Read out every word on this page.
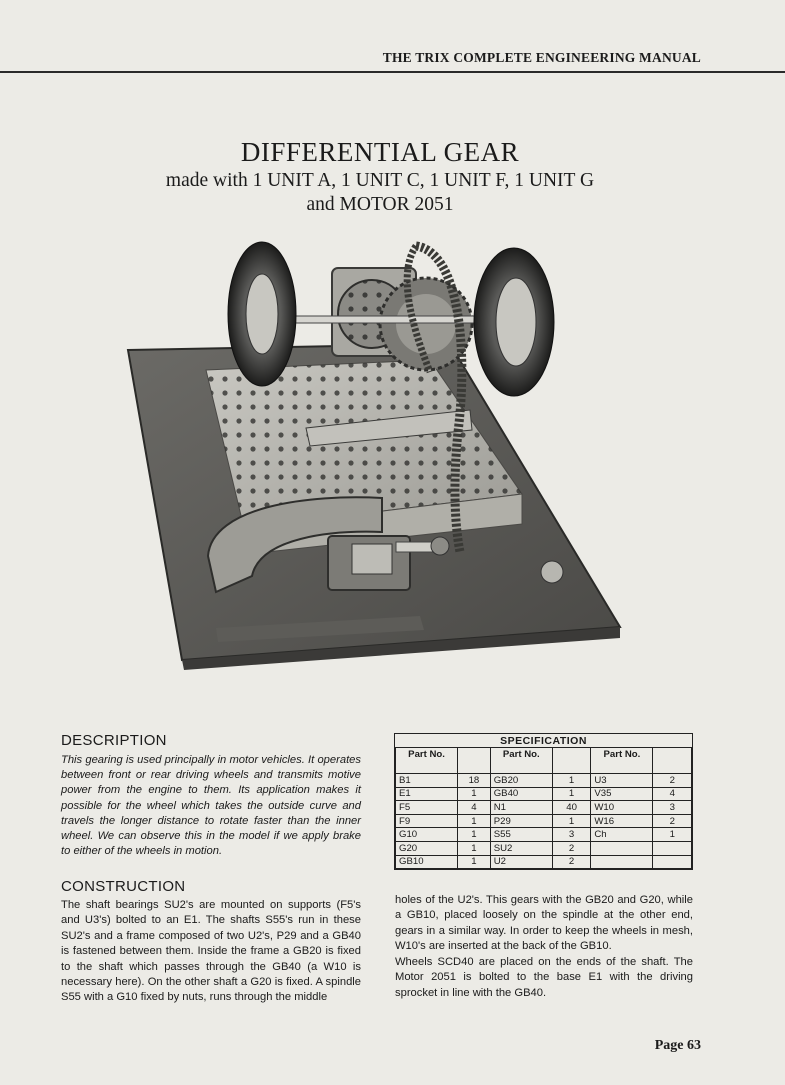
THE TRIX COMPLETE ENGINEERING MANUAL
DIFFERENTIAL GEAR
made with 1 UNIT A, 1 UNIT C, 1 UNIT F, 1 UNIT G
and MOTOR 2051
DESCRIPTION
This gearing is used principally in motor vehicles. It operates between front or rear driving wheels and transmits motive power from the engine to them. Its application makes it possible for the wheel which takes the outside curve and travels the longer distance to rotate faster than the inner wheel. We can observe this in the model if we apply brake to either of the wheels in motion.
SPECIFICATION					
Part No.		Part No.		Part No.	
B1	18	GB20	1	U3	2
E1	1	GB40	1	V35	4
F5	4	N1	40	W10	3
F9	1	P29	1	W16	2
G10	1	S55	3	Ch	1
G20	1	SU2	2		
GB10	1	U2	2		
CONSTRUCTION
The shaft bearings SU2's are mounted on supports (F5's and U3's) bolted to an E1. The shafts S55's run in these SU2's and a frame composed of two U2's, P29 and a GB40 is fastened between them. Inside the frame a GB20 is fixed to the shaft which passes through the GB40 (a W10 is necessary here). On the other shaft a G20 is fixed. A spindle S55 with a G10 fixed by nuts, runs through the middle
holes of the U2's. This gears with the GB20 and G20, while a GB10, placed loosely on the spindle at the other end, gears in a similar way. In order to keep the wheels in mesh, W10's are inserted at the back of the GB10.
Wheels SCD40 are placed on the ends of the shaft. The Motor 2051 is bolted to the base E1 with the driving sprocket in line with the GB40.
Page 63
